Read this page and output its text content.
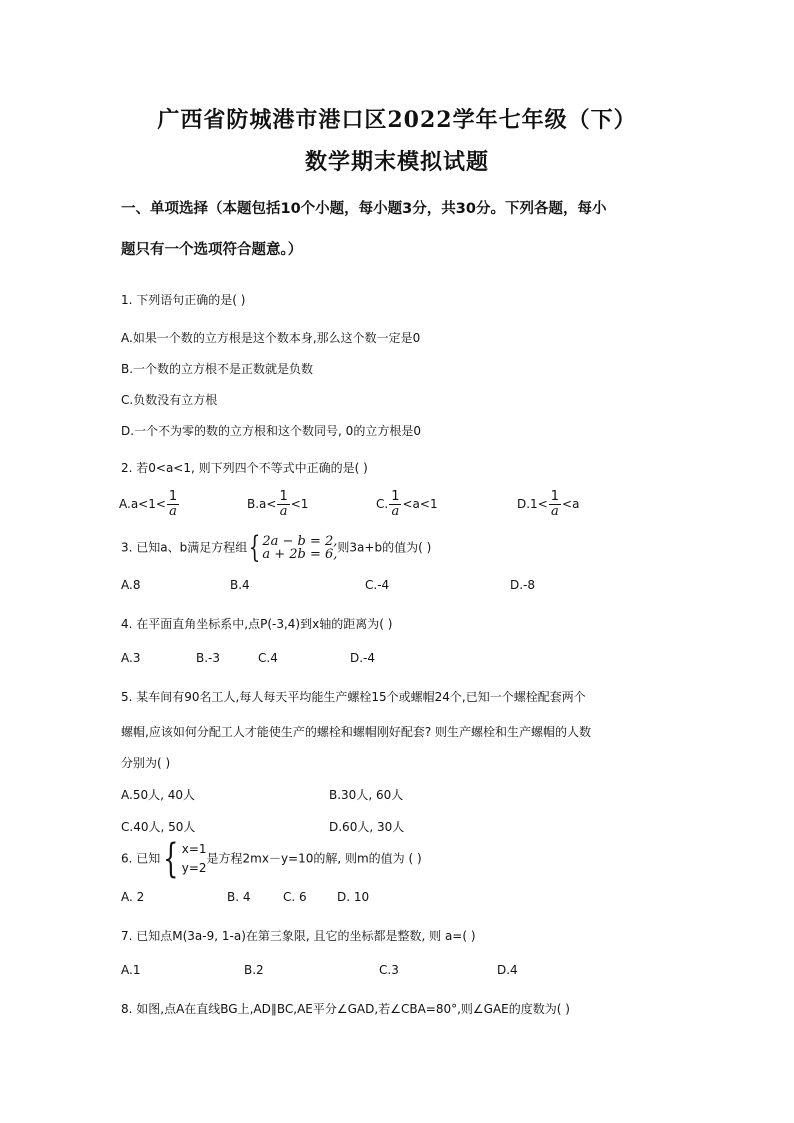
广西省防城港市港口区2022学年七年级（下）
数学期末模拟试题
一、单项选择（本题包括10个小题，每小题3分，共30分。下列各题，每小
题只有一个选项符合题意。）
1. 下列语句正确的是( )
A.如果一个数的立方根是这个数本身,那么这个数一定是0
B.一个数的立方根不是正数就是负数
C.负数没有立方根
D.一个不为零的数的立方根和这个数同号, 0的立方根是0
2. 若0<a<1, 则下列四个不等式中正确的是( )
$A.a<1< \frac{1}{a}$	$B.a< \frac{1}{a} <1$	C. $\frac{1}{a} <a<1$	$D.1< \frac{1}{a} <a$
3. 已知a、b满足方程组{ 2a − b = 2,
a + 2b = 6, 则3a+b的值为( )
A.8	B.4	C.-4	D.-8
4. 在平面直角坐标系中,点P(-3,4)到x轴的距离为( )
A.3	B.-3	C.4	D.-4
5. 某车间有90名工人,每人每天平均能生产螺栓15个或螺帽24个,已知一个螺栓配套两个
螺帽,应该如何分配工人才能使生产的螺栓和螺帽刚好配套? 则生产螺栓和生产螺帽的人数
分别为( )
A.50人, 40人	B.30人, 60人
C.40人, 50人	D.60人, 30人
6. 已知{ x=1
y=2
是方程2mx－y=10的解, 则m的值为 ( )
A. 2	B. 4	C. 6	D. 10
7. 已知点M(3a-9, 1-a)在第三象限, 且它的坐标都是整数, 则 a=( )
A.1	B.2	C.3	D.4
8. 如图,点A在直线BG上,AD∥BC,AE平分∠GAD,若∠CBA=80°,则∠GAE的度数为( )
